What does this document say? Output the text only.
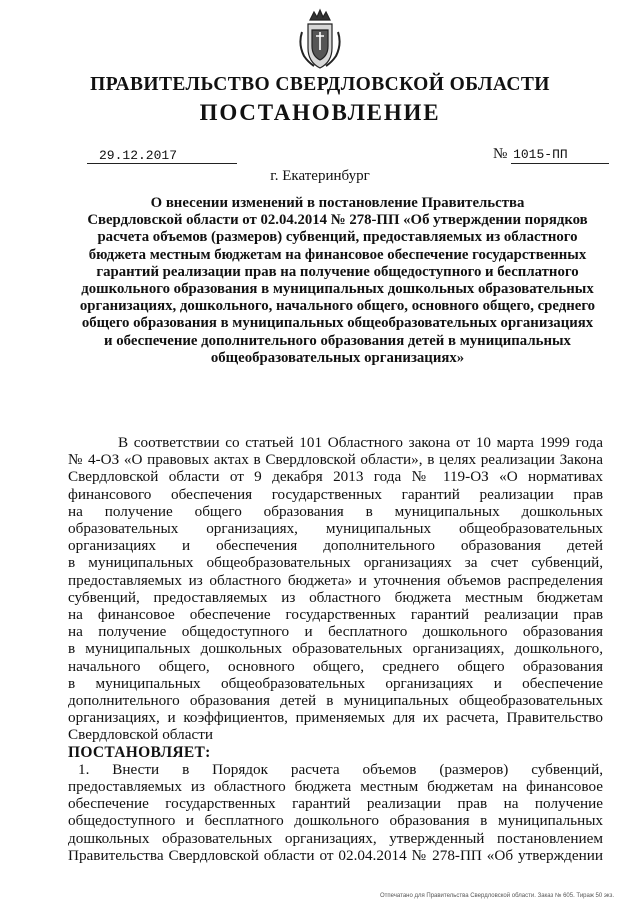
ПРАВИТЕЛЬСТВО СВЕРДЛОВСКОЙ ОБЛАСТИ
ПОСТАНОВЛЕНИЕ
29.12.2017	№ 1015-ПП
г. Екатеринбург
О внесении изменений в постановление Правительства
Свердловской области от 02.04.2014 № 278-ПП «Об утверждении порядков
расчета объемов (размеров) субвенций, предоставляемых из областного
бюджета местным бюджетам на финансовое обеспечение государственных
гарантий реализации прав на получение общедоступного и бесплатного
дошкольного образования в муниципальных дошкольных образовательных
организациях, дошкольного, начального общего, основного общего, среднего
общего образования в муниципальных общеобразовательных организациях
и обеспечение дополнительного образования детей в муниципальных
общеобразовательных организациях»
В соответствии со статьей 101 Областного закона от 10 марта 1999 года
№ 4-ОЗ «О правовых актах в Свердловской области», в целях реализации Закона
Свердловской области от 9 декабря 2013 года № 119-ОЗ «О нормативах
финансового обеспечения государственных гарантий реализации прав
на получение общего образования в муниципальных дошкольных
образовательных организациях, муниципальных общеобразовательных
организациях и обеспечения дополнительного образования детей
в муниципальных общеобразовательных организациях за счет субвенций,
предоставляемых из областного бюджета» и уточнения объемов распределения
субвенций, предоставляемых из областного бюджета местным бюджетам
на финансовое обеспечение государственных гарантий реализации прав
на получение общедоступного и бесплатного дошкольного образования
в муниципальных дошкольных образовательных организациях, дошкольного,
начального общего, основного общего, среднего общего образования
в муниципальных общеобразовательных организациях и обеспечение
дополнительного образования детей в муниципальных общеобразовательных
организациях, и коэффициентов, применяемых для их расчета, Правительство
Свердловской области
ПОСТАНОВЛЯЕТ:
1. Внести в Порядок расчета объемов (размеров) субвенций,
предоставляемых из областного бюджета местным бюджетам на финансовое
обеспечение государственных гарантий реализации прав на получение
общедоступного и бесплатного дошкольного образования в муниципальных
дошкольных образовательных организациях, утвержденный постановлением
Правительства Свердловской области от 02.04.2014 № 278-ПП «Об утверждении
Отпечатано для Правительства Свердловской области. Заказ № 605. Тираж 50 экз.
